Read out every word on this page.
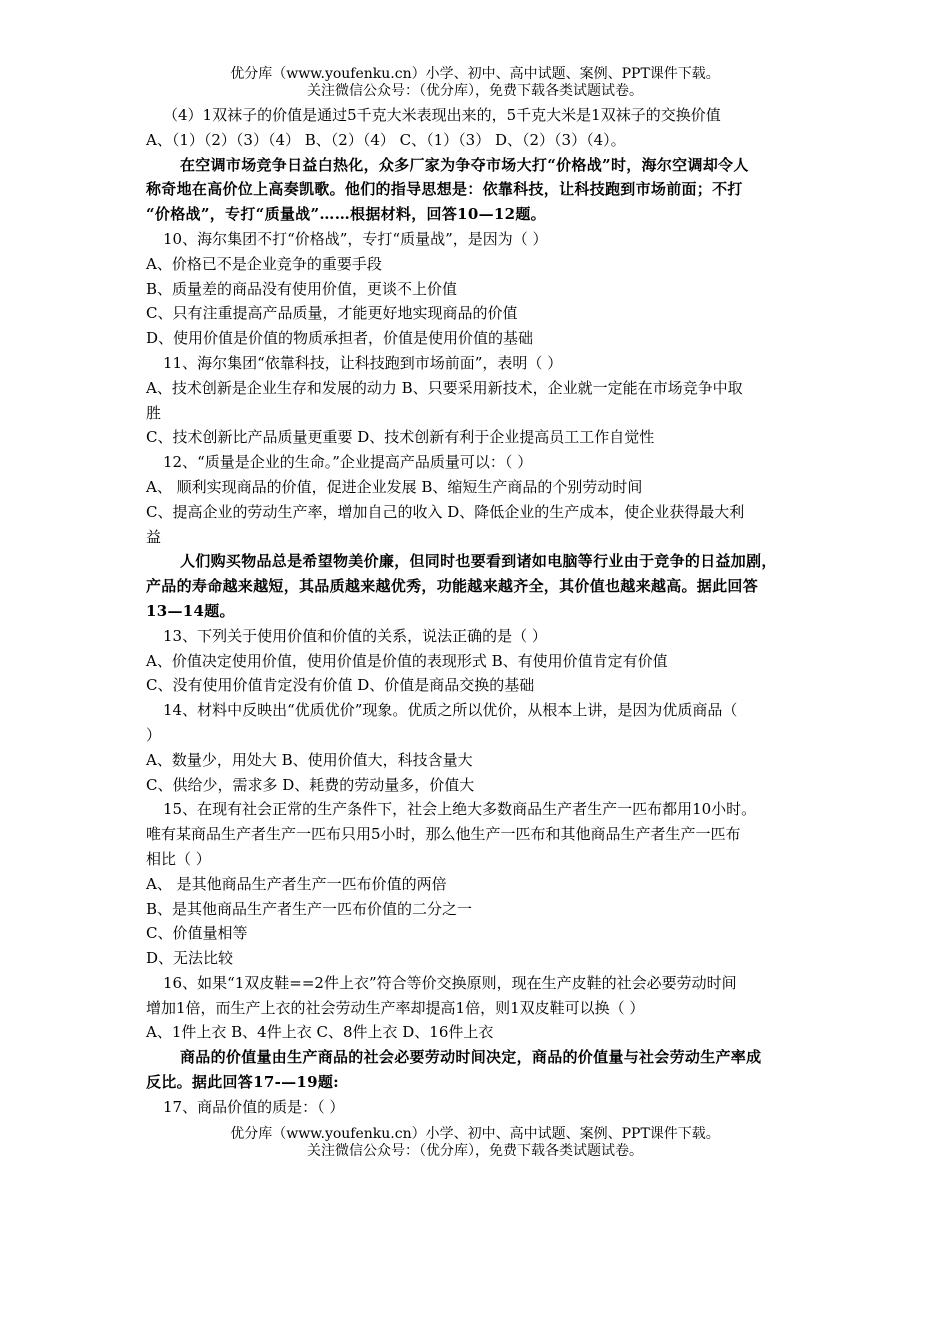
优分库（www.youfenku.cn）小学、初中、高中试题、案例、PPT课件下载。
关注微信公众号：（优分库），免费下载各类试题试卷。
（4）1双袜子的价值是通过5千克大米表现出来的，5千克大米是1双袜子的交换价值
A、（1）（2）（3）（4） B、（2）（4） C、（1）（3） D、（2）（3）（4）。
在空调市场竞争日益白热化，众多厂家为争夺市场大打“价格战”时，海尔空调却令人
称奇地在高价位上高奏凯歌。他们的指导思想是：依靠科技，让科技跑到市场前面；不打
“价格战”，专打“质量战”……根据材料，回答10—12题。
10、海尔集团不打“价格战”，专打“质量战”，是因为（ ）
A、价格已不是企业竞争的重要手段
B、质量差的商品没有使用价值，更谈不上价值
C、只有注重提高产品质量，才能更好地实现商品的价值
D、使用价值是价值的物质承担者，价值是使用价值的基础
11、海尔集团“依靠科技，让科技跑到市场前面”，表明（ ）
A、技术创新是企业生存和发展的动力 B、只要采用新技术，企业就一定能在市场竞争中取
胜
C、技术创新比产品质量更重要 D、技术创新有利于企业提高员工工作自觉性
12、“质量是企业的生命。”企业提高产品质量可以：（ ）
A、 顺利实现商品的价值，促进企业发展 B、缩短生产商品的个别劳动时间
C、提高企业的劳动生产率，增加自己的收入 D、降低企业的生产成本，使企业获得最大利
益
人们购买物品总是希望物美价廉，但同时也要看到诸如电脑等行业由于竞争的日益加剧，
产品的寿命越来越短，其品质越来越优秀，功能越来越齐全，其价值也越来越高。据此回答
13—14题。
13、下列关于使用价值和价值的关系，说法正确的是（ ）
A、价值决定使用价值，使用价值是价值的表现形式 B、有使用价值肯定有价值
C、没有使用价值肯定没有价值 D、价值是商品交换的基础
14、材料中反映出“优质优价”现象。优质之所以优价，从根本上讲，是因为优质商品（
）
A、数量少，用处大 B、使用价值大，科技含量大
C、供给少，需求多 D、耗费的劳动量多，价值大
15、在现有社会正常的生产条件下，社会上绝大多数商品生产者生产一匹布都用10小时。
唯有某商品生产者生产一匹布只用5小时，那么他生产一匹布和其他商品生产者生产一匹布
相比（ ）
A、 是其他商品生产者生产一匹布价值的两倍
B、是其他商品生产者生产一匹布价值的二分之一
C、价值量相等
D、无法比较
16、如果“1双皮鞋==2件上衣”符合等价交换原则，现在生产皮鞋的社会必要劳动时间
增加1倍，而生产上衣的社会劳动生产率却提高1倍，则1双皮鞋可以换（ ）
A、1件上衣 B、4件上衣 C、8件上衣 D、16件上衣
商品的价值量由生产商品的社会必要劳动时间决定，商品的价值量与社会劳动生产率成
反比。据此回答17-—19题:
17、商品价值的质是：（ ）
优分库（www.youfenku.cn）小学、初中、高中试题、案例、PPT课件下载。
关注微信公众号：（优分库），免费下载各类试题试卷。
